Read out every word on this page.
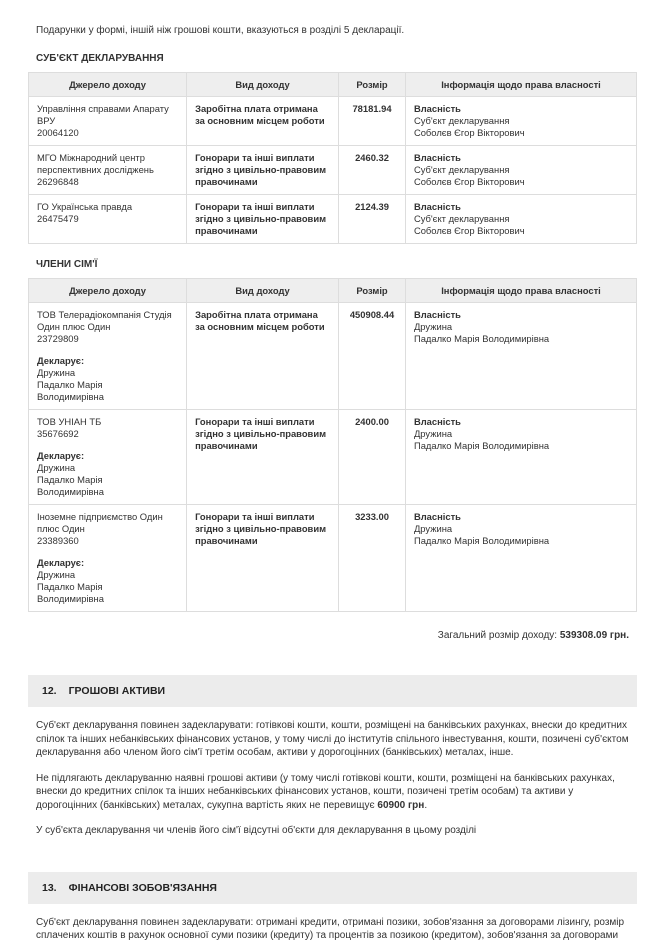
Подарунки у формі, іншій ніж грошові кошти, вказуються в розділі 5 декларації.

СУБ'ЄКТ ДЕКЛАРУВАННЯ
Джерело доходу	Вид доходу	Розмір	Інформація щодо права власності

Управління справами Апарату ВРУ
20064120
	Заробітна плата отримана за основним місцем роботи	78181.94	Власність
Суб'єкт декларування
Соболєв Єгор Вікторович

МГО Міжнародний центр перспективних досліджень
26296848
	Гонорари та інші виплати згідно з цивільно-правовим правочинами	2460.32	Власність
Суб'єкт декларування
Соболєв Єгор Вікторович

ГО Українська правда
26475479
	Гонорари та інші виплати згідно з цивільно-правовим правочинами	2124.39	Власність
Суб'єкт декларування
Соболєв Єгор Вікторович
ЧЛЕНИ СІМ'Ї
Джерело доходу	Вид доходу	Розмір	Інформація щодо права власності

ТОВ Телерадіокомпанія Студія Один плюс Один
23729809
Декларує:
Дружина
Падалко Марія
Володимирівна
	Заробітна плата отримана за основним місцем роботи	450908.44	Власність
Дружина
Падалко Марія Володимирівна

ТОВ УНІАН ТБ
35676692
Декларує:
Дружина
Падалко Марія
Володимирівна
	Гонорари та інші виплати згідно з цивільно-правовим правочинами	2400.00	Власність
Дружина
Падалко Марія Володимирівна

Іноземне підприємство Один плюс Один
23389360
Декларує:
Дружина
Падалко Марія
Володимирівна
	Гонорари та інші виплати згідно з цивільно-правовим правочинами	3233.00	Власність
Дружина
Падалко Марія Володимирівна

Загальний розмір доходу: 539308.09 грн.

12. ГРОШОВІ АКТИВИ

Суб'єкт декларування повинен задекларувати: готівкові кошти, кошти, розміщені на банківських рахунках, внески до кредитних спілок та інших небанківських фінансових установ, у тому числі до інститутів спільного інвестування, кошти, позичені суб'єктом декларування або членом його сім'ї третім особам, активи у дорогоцінних (банківських) металах, інше.

Не підлягають декларуванню наявні грошові активи (у тому числі готівкові кошти, кошти, розміщені на банківських рахунках, внески до кредитних спілок та інших небанківських фінансових установ, кошти, позичені третім особам) та активи у дорогоцінних (банківських) металах, сукупна вартість яких не перевищує 60900 грн.

У суб'єкта декларування чи членів його сім'ї відсутні об'єкти для декларування в цьому розділі

13. ФІНАНСОВІ ЗОБОВ'ЯЗАННЯ

Суб'єкт декларування повинен задекларувати: отримані кредити, отримані позики, зобов'язання за договорами лізингу, розмір сплачених коштів в рахунок основної суми позики (кредиту) та процентів за позикою (кредитом), зобов'язання за договорами
